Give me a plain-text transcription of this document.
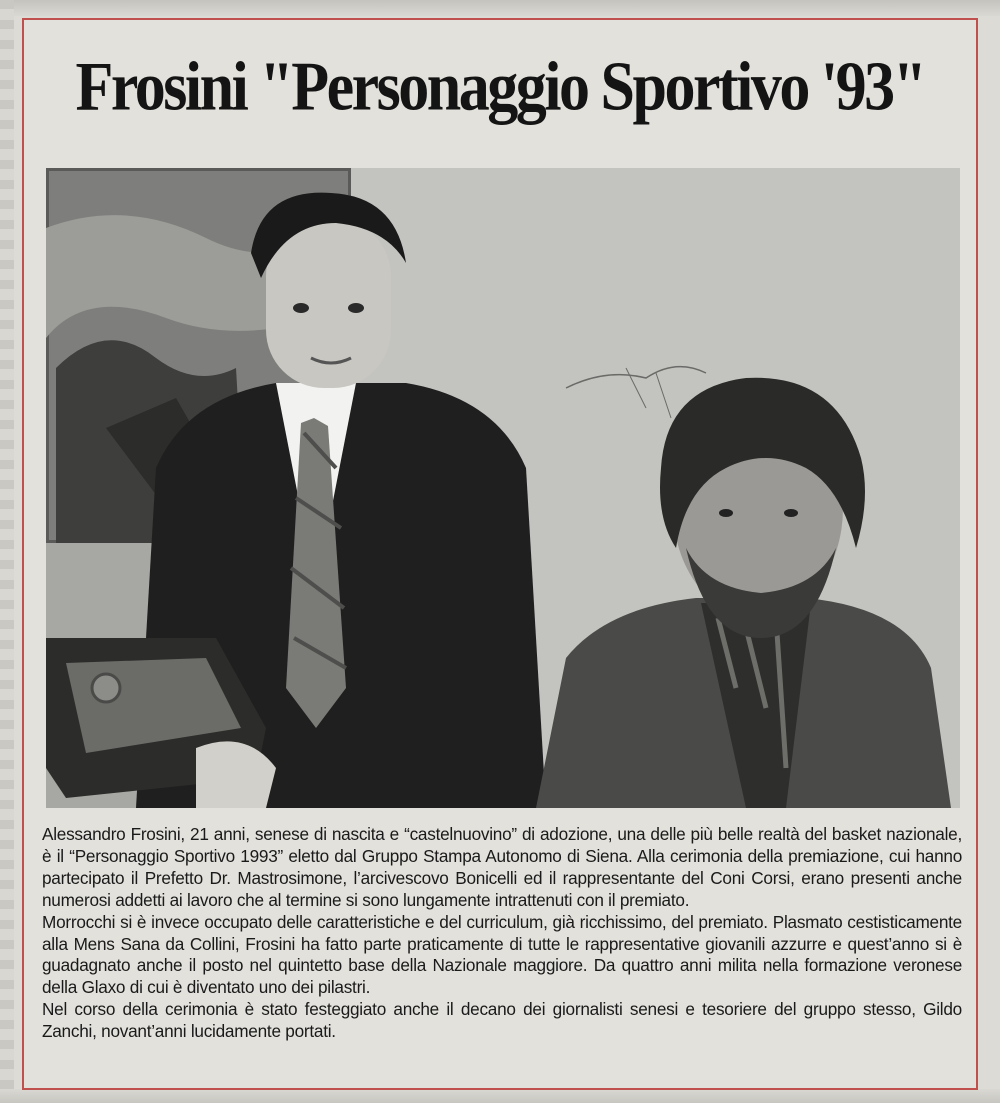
Frosini "Personaggio Sportivo '93"

Alessandro Frosini, 21 anni, senese di nascita e “castelnuovino” di adozione, una delle più belle realtà del basket nazionale, è il “Personaggio Sportivo 1993” eletto dal Gruppo Stampa Autonomo di Siena. Alla cerimonia della premiazione, cui hanno partecipato il Prefetto Dr. Mastrosimone, l’arcivescovo Bonicelli ed il rappresentante del Coni Corsi, erano presenti anche numerosi addetti ai lavoro che al termine si sono lungamente intrattenuti con il premiato.

Morrocchi si è invece occupato delle caratteristiche e del curriculum, già ricchissimo, del premiato. Plasmato cestisticamente alla Mens Sana da Collini, Frosini ha fatto parte praticamente di tutte le rappresentative giovanili azzurre e quest’anno si è guadagnato anche il posto nel quintetto base della Nazionale maggiore. Da quattro anni milita nella formazione veronese della Glaxo di cui è diventato uno dei pilastri.

Nel corso della cerimonia è stato festeggiato anche il decano dei giornalisti senesi e tesoriere del gruppo stesso, Gildo Zanchi, novant’anni lucidamente portati.
